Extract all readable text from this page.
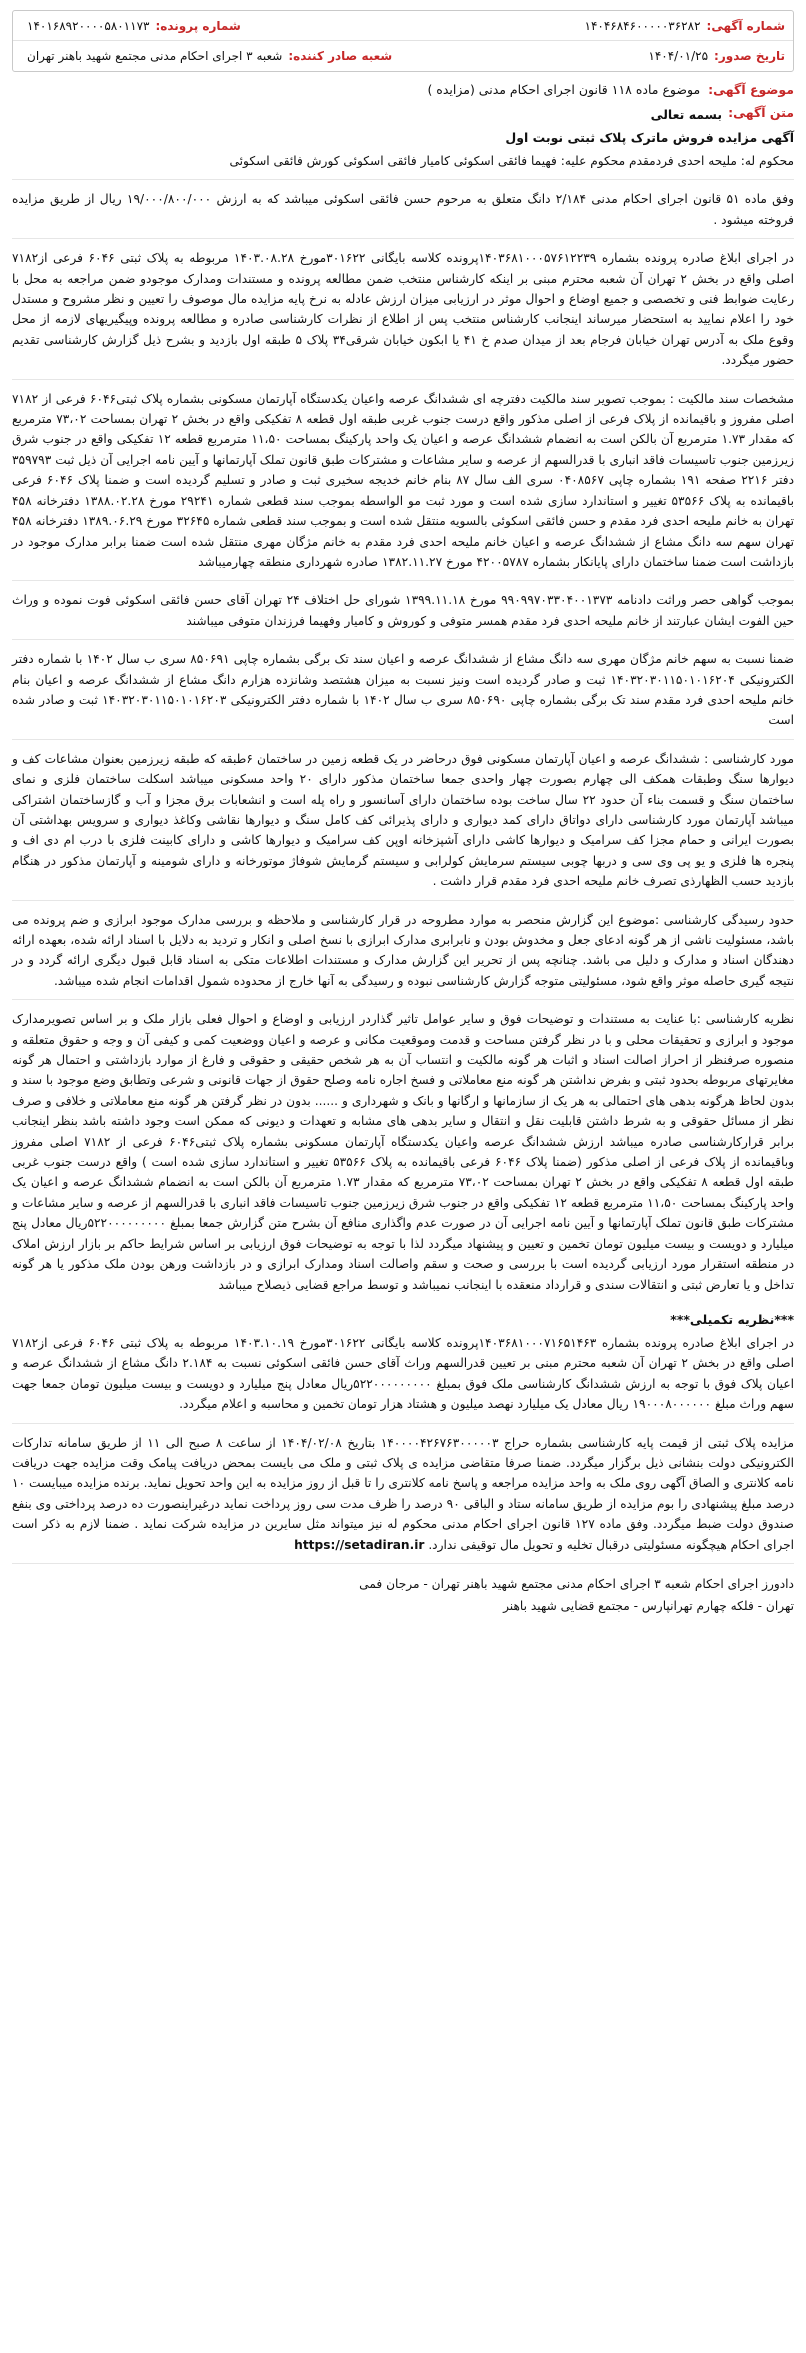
شماره آگهی:
۱۴۰۴۶۸۴۶۰۰۰۰۰۳۶۲۸۲
شماره پرونده:
۱۴۰۱۶۸۹۲۰۰۰۰۵۸۰۱۱۷۳
تاریخ صدور:
۱۴۰۴/۰۱/۲۵
شعبه صادر کننده:
شعبه ۳ اجرای احکام مدنی مجتمع شهید باهنر تهران
موضوع آگهی:
موضوع ماده ۱۱۸ قانون اجرای احکام مدنی (مزایده )
متن آگهی:
بسمه تعالی
آگهی مزایده فروش ماترک پلاک ثبتی نوبت اول

محکوم له: ملیحه احدی فردمقدم محکوم علیه: فهیما فائقی اسکوئی کامیار فائقی اسکوئی کورش فائقی اسکوئی

وفق ماده ۵۱ قانون اجرای احکام مدنی ۲/۱۸۴ دانگ متعلق به مرحوم حسن فائقی اسکوئی میباشد که به ارزش ۱۹/۰۰۰/۸۰۰/۰۰۰ ریال از طریق مزایده فروخته میشود .

در اجرای ابلاغ صادره پرونده بشماره ۱۴۰۳۶۸۱۰۰۰۵۷۶۱۲۲۳۹پرونده کلاسه بایگانی ۳۰۱۶۲۲مورخ ۱۴۰۳.۰۸.۲۸ مربوطه به پلاک ثبتی ۶۰۴۶ فرعی از۷۱۸۲ اصلی واقع در بخش ۲ تهران آن شعبه محترم مبنی بر اینکه کارشناس منتخب ضمن مطالعه پرونده و مستندات ومدارک موجودو ضمن مراجعه به محل با رعایت ضوابط فنی و تخصصی و جمیع اوضاع و احوال موثر در ارزیابی میزان ارزش عادله به نرخ پایه مزایده مال موصوف را تعیین و نظر مشروح و مستدل خود را اعلام نمایید به استحضار میرساند اینجانب کارشناس منتخب پس از اطلاع از نظرات کارشناسی صادره و مطالعه پرونده وپیگیریهای لازمه از محل وقوع ملک به آدرس تهران خیابان فرجام بعد از میدان صدم خ ۴۱ یا ابکون خیابان شرقی۳۴ پلاک ۵ طبقه اول بازدید و بشرح ذیل گزارش کارشناسی تقدیم حضور میگردد.

مشخصات سند مالکیت : بموجب تصویر سند مالکیت دفترچه ای ششدانگ عرصه واعیان یکدستگاه آپارتمان مسکونی بشماره پلاک ثبتی۶۰۴۶ فرعی از ۷۱۸۲ اصلی مفروز و باقیمانده از پلاک فرعی از اصلی مذکور واقع درست جنوب غربی طبقه اول قطعه ۸ تفکیکی واقع در بخش ۲ تهران بمساحت ۷۳،۰۲ مترمربع که مقدار ۱.۷۳ مترمربع آن بالکن است به انضمام ششدانگ عرصه و اعیان یک واحد پارکینگ بمساحت ۱۱،۵۰ مترمربع قطعه ۱۲ تفکیکی واقع در جنوب شرق زیرزمین جنوب تاسیسات فاقد انباری با قدرالسهم از عرصه و سایر مشاعات و مشترکات طبق قانون تملک آپارتمانها و آیین نامه اجرایی آن ذیل ثبت ۳۵۹۷۹۳ دفتر ۲۲۱۶ صفحه ۱۹۱ بشماره چاپی ۰۴۰۸۵۶۷ سری الف سال ۸۷ بنام خانم خدیجه سخیری ثبت و صادر و تسلیم گردیده است و ضمنا پلاک ۶۰۴۶ فرعی باقیمانده به پلاک ۵۳۵۶۶ تغییر و استاندارد سازی شده است و مورد ثبت مو الواسطه بموجب سند قطعی شماره ۲۹۲۴۱ مورخ ۱۳۸۸.۰۲.۲۸ دفترخانه ۴۵۸ تهران به خانم ملیحه احدی فرد مقدم و حسن فائقی اسکوئی بالسویه منتقل شده است و بموجب سند قطعی شماره ۳۲۶۴۵ مورخ ۱۳۸۹.۰۶.۲۹ دفترخانه ۴۵۸ تهران سهم سه دانگ مشاع از ششدانگ عرصه و اعیان خانم ملیحه احدی فرد مقدم به خانم مژگان مهری منتقل شده است ضمنا برابر مدارک موجود در بازداشت است ضمنا ساختمان دارای پایانکار بشماره ۴۲۰۰۵۷۸۷ مورخ ۱۳۸۲.۱۱.۲۷ صادره شهرداری منطقه چهارمیباشد

بموجب گواهی حصر وراثت دادنامه ۹۹۰۹۹۷۰۳۳۰۴۰۰۱۳۷۳ مورخ ۱۳۹۹.۱۱.۱۸ شورای حل اختلاف ۲۴ تهران آقای حسن فائقی اسکوئی فوت نموده و وراث حین الفوت ایشان عبارتند از خانم ملیحه احدی فرد مقدم همسر متوفی و کوروش و کامیار وفهیما فرزندان متوفی میباشند

ضمنا نسبت به سهم خانم مژگان مهری سه دانگ مشاع از ششدانگ عرصه و اعیان سند تک برگی بشماره چاپی ۸۵۰۶۹۱ سری ب سال ۱۴۰۲ با شماره دفتر الکترونیکی ۱۴۰۳۲۰۳۰۱۱۵۰۱۰۱۶۲۰۴ ثبت و صادر گردیده است ونیز نسبت به میزان هشتصد وشانزده هزارم دانگ مشاع از ششدانگ عرصه و اعیان بنام خانم ملیحه احدی فرد مقدم سند تک برگی بشماره چاپی ۸۵۰۶۹۰ سری ب سال ۱۴۰۲ با شماره دفتر الکترونیکی ۱۴۰۳۲۰۳۰۱۱۵۰۱۰۱۶۲۰۳ ثبت و صادر شده است

مورد کارشناسی : ششدانگ عرصه و اعیان آپارتمان مسکونی فوق درحاضر در یک قطعه زمین در ساختمان ۶طبقه که طبقه زیرزمین بعنوان مشاعات کف و دیوارها سنگ وطبقات همکف الی چهارم بصورت چهار واحدی جمعا ساختمان مذکور دارای ۲۰ واحد مسکونی میباشد اسکلت ساختمان فلزی و نمای ساختمان سنگ و قسمت بناء آن حدود ۲۲ سال ساخت بوده ساختمان دارای آسانسور و راه پله است و انشعابات برق مجزا و آب و گازساختمان اشتراکی میباشد آپارتمان مورد کارشناسی دارای دواتاق دارای کمد دیواری و دارای پذیرائی کف کامل سنگ و دیوارها نقاشی وکاغذ دیواری و سرویس بهداشتی آن بصورت ایرانی و حمام مجزا کف سرامیک و دیوارها کاشی دارای آشپزخانه اوپن کف سرامیک و دیوارها کاشی و دارای کابینت فلزی با درب ام دی اف و پنجره ها فلزی و یو پی وی سی و دربها چوبی سیستم سرمایش کولرابی و سیستم گرمایش شوفاژ موتورخانه و دارای شومینه و آپارتمان مذکور در هنگام بازدید حسب الظهارذی تصرف خانم ملیحه احدی فرد مقدم قرار داشت .

حدود رسیدگی کارشناسی :موضوع این گزارش منحصر به موارد مطروحه در قرار کارشناسی و ملاحظه و بررسی مدارک موجود ابرازی و ضم پرونده می باشد، مسئولیت ناشی از هر گونه ادعای جعل و مخدوش بودن و نابرابری مدارک ابرازی با نسخ اصلی و انکار و تردید به دلایل با اسناد ارائه شده، بعهده ارائه دهندگان اسناد و مدارک و دلیل می باشد. چنانچه پس از تحریر این گزارش مدارک و مستندات اطلاعات متکی به اسناد قابل قبول دیگری ارائه گردد و در نتیجه گیری حاصله موثر واقع شود، مسئولیتی متوجه گزارش کارشناسی نبوده و رسیدگی به آنها خارج از محدوده شمول اقدامات انجام شده میباشد.

نظریه کارشناسی :با عنایت به مستندات و توضیحات فوق و سایر عوامل تاثیر گذاردر ارزیابی و اوضاع و احوال فعلی بازار ملک و بر اساس تصویرمدارک موجود و ابرازی و تحقیقات محلی و با در نظر گرفتن مساحت و قدمت وموقعیت مکانی و عرصه و اعیان ووضعیت کمی و کیفی آن و وجه و حقوق متعلقه و منصوره صرفنظر از احراز اصالت اسناد و اثبات هر گونه مالکیت و انتساب آن به هر شخص حقیقی و حقوقی و فارغ از موارد بازداشتی و احتمال هر گونه مغایرتهای مربوطه بحدود ثبتی و بفرض نداشتن هر گونه منع معاملاتی و فسخ اجاره نامه وصلح حقوق از جهات قانونی و شرعی وتطابق وضع موجود با سند و بدون لحاظ هرگونه بدهی های احتمالی به هر یک از سازمانها و ارگانها و بانک و شهرداری و ...... بدون در نظر گرفتن هر گونه منع معاملاتی و خلافی و صرف نظر از مسائل حقوقی و به شرط داشتن قابلیت نقل و انتقال و سایر بدهی های مشابه و تعهدات و دیونی که ممکن است وجود داشته باشد بنظر اینجانب برابر قرارکارشناسی صادره میباشد ارزش ششدانگ عرصه واعیان یکدستگاه آپارتمان مسکونی بشماره پلاک ثبتی۶۰۴۶ فرعی از ۷۱۸۲ اصلی مفروز وباقیمانده از پلاک فرعی از اصلی مذکور (ضمنا پلاک ۶۰۴۶ فرعی باقیمانده به پلاک ۵۳۵۶۶ تغییر و استاندارد سازی شده است ) واقع درست جنوب غربی طبقه اول قطعه ۸ تفکیکی واقع در بخش ۲ تهران بمساحت ۷۳،۰۲ مترمربع که مقدار ۱.۷۳ مترمربع آن بالکن است به انضمام ششدانگ عرصه و اعیان یک واحد پارکینگ بمساحت ۱۱،۵۰ مترمربع قطعه ۱۲ تفکیکی واقع در جنوب شرق زیرزمین جنوب تاسیسات فاقد انباری با قدرالسهم از عرصه و سایر مشاعات و مشترکات طبق قانون تملک آپارتمانها و آیین نامه اجرایی آن در صورت عدم واگذاری منافع آن بشرح متن گزارش جمعا بمبلغ ۵۲۲۰۰۰۰۰۰۰۰۰ریال معادل پنج میلیارد و دویست و بیست میلیون تومان تخمین و تعیین و پیشنهاد میگردد لذا با توجه به توضیحات فوق ارزیابی بر اساس شرایط حاکم بر بازار ارزش املاک در منطقه استقرار مورد ارزیابی گردیده است با بررسی و صحت و سقم واصالت اسناد ومدارک ابرازی و در بازداشت ورهن بودن ملک مذکور یا هر گونه تداخل و یا تعارض ثبتی و انتقالات سندی و قرارداد منعقده با اینجانب نمیباشد و توسط مراجع قضایی ذیصلاح میباشد

***نظریه تکمیلی***

در اجرای ابلاغ صادره پرونده بشماره ۱۴۰۳۶۸۱۰۰۰۷۱۶۵۱۴۶۳پرونده کلاسه بایگانی ۳۰۱۶۲۲مورخ ۱۴۰۳.۱۰.۱۹ مربوطه به پلاک ثبتی ۶۰۴۶ فرعی از۷۱۸۲ اصلی واقع در بخش ۲ تهران آن شعبه محترم مبنی بر تعیین قدرالسهم وراث آقای حسن فائقی اسکوئی نسبت به ۲.۱۸۴ دانگ مشاع از ششدانگ عرصه و اعیان پلاک فوق با توجه به ارزش ششدانگ کارشناسی ملک فوق بمبلغ ۵۲۲۰۰۰۰۰۰۰۰۰ریال معادل پنج میلیارد و دویست و بیست میلیون تومان جمعا جهت سهم وراث مبلغ ۱۹۰۰۰۸۰۰۰۰۰۰ ریال معادل یک میلیارد نهصد میلیون و هشتاد هزار تومان تخمین و محاسبه و اعلام میگردد.

مزایده پلاک ثبتی از قیمت پایه کارشناسی بشماره حراج ۱۴۰۰۰۰۴۲۶۷۶۳۰۰۰۰۰۳ بتاریخ ۱۴۰۴/۰۲/۰۸ از ساعت ۸ صبح الی ۱۱ از طریق سامانه تدارکات الکترونیکی دولت بنشانی ذیل برگزار میگردد. ضمنا صرفا متقاضی مزایده ی پلاک ثبتی و ملک می بایست بمحض دریافت پیامک وقت مزایده جهت دریافت نامه کلانتری و الصاق آگهی روی ملک به واحد مزایده مراجعه و پاسخ نامه کلانتری را تا قبل از روز مزایده به این واحد تحویل نماید. برنده مزایده میبایست ۱۰ درصد مبلغ پیشنهادی را بوم مزایده از طریق سامانه ستاد و الباقی ۹۰ درصد را ظرف مدت سی روز پرداخت نماید درغیراینصورت ده درصد پرداختی وی بنفع صندوق دولت ضبط میگردد. وفق ماده ۱۲۷ قانون اجرای احکام مدنی محکوم له نیز میتواند مثل سایرین در مزایده شرکت نماید . ضمنا لازم به ذکر است اجرای احکام هیچگونه مسئولیتی درقبال تخلیه و تحویل مال توقیفی ندارد. https://setadiran.ir

دادورز اجرای احکام شعبه ۳ اجرای احکام مدنی مجتمع شهید باهنر تهران - مرجان فمی
تهران - فلکه چهارم تهرانپارس - مجتمع قضایی شهید باهنر
